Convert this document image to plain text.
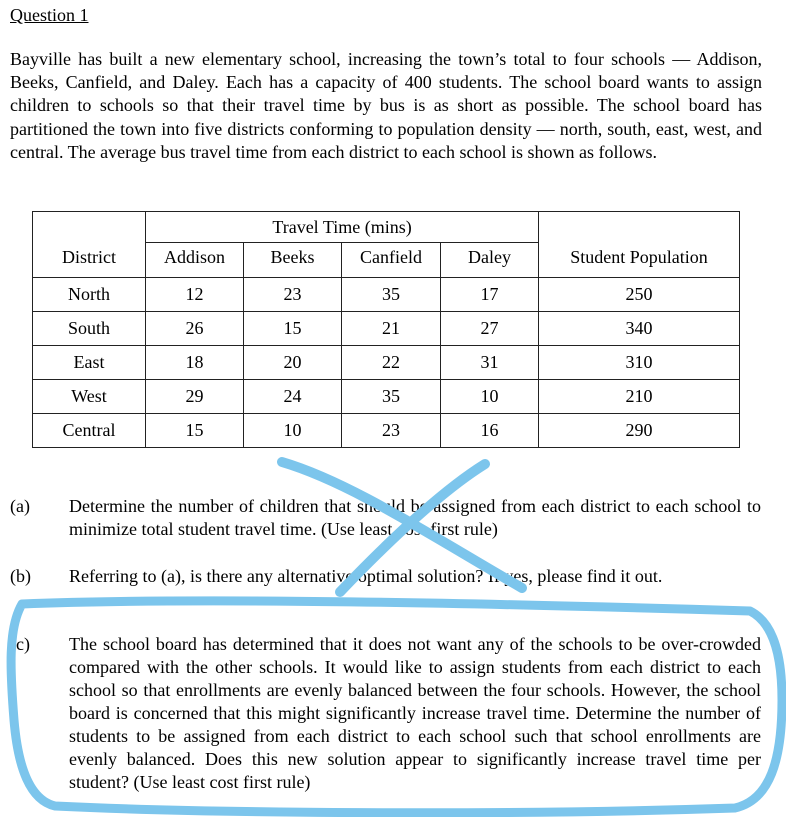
Question 1

Bayville has built a new elementary school, increasing the town’s total to four schools — Addison, Beeks, Canfield, and Daley. Each has a capacity of 400 students. The school board wants to assign children to schools so that their travel time by bus is as short as possible. The school board has partitioned the town into five districts conforming to population density — north, south, east, west, and central. The average bus travel time from each district to each school is shown as follows.

	Travel Time (mins)				
District	Addison	Beeks	Canfield	Daley	Student Population
North	12	23	35	17	250
South	26	15	21	27	340
East	18	20	22	31	310
West	29	24	35	10	210
Central	15	10	23	16	290
(a) Determine the number of children that should be assigned from each district to each school to minimize total student travel time. (Use least cost first rule)
(b) Referring to (a), is there any alternative optimal solution? If yes, please find it out.
(c) The school board has determined that it does not want any of the schools to be over-crowded compared with the other schools. It would like to assign students from each district to each school so that enrollments are evenly balanced between the four schools. However, the school board is concerned that this might significantly increase travel time. Determine the number of students to be assigned from each district to each school such that school enrollments are evenly balanced. Does this new solution appear to significantly increase travel time per student? (Use least cost first rule)
